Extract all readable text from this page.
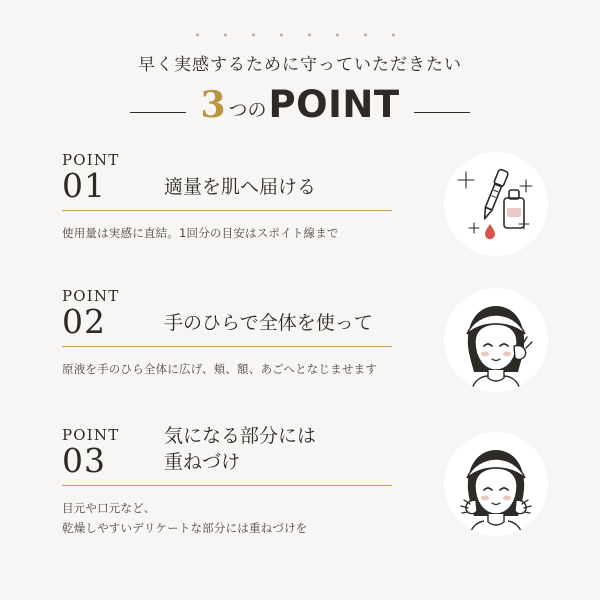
• • • • • • • •
早く実感するために守っていただきたい
3 つの POINT
POINT
01	適量を肌へ届ける
使用量は実感に直結。1回分の目安はスポイト線まで
POINT
02	手のひらで全体を使って
原液を手のひら全体に広げ、頬、額、あごへとなじませます
POINT
03
気になる部分には
重ねづけ
目元や口元など、
乾燥しやすいデリケートな部分には重ねづけを
